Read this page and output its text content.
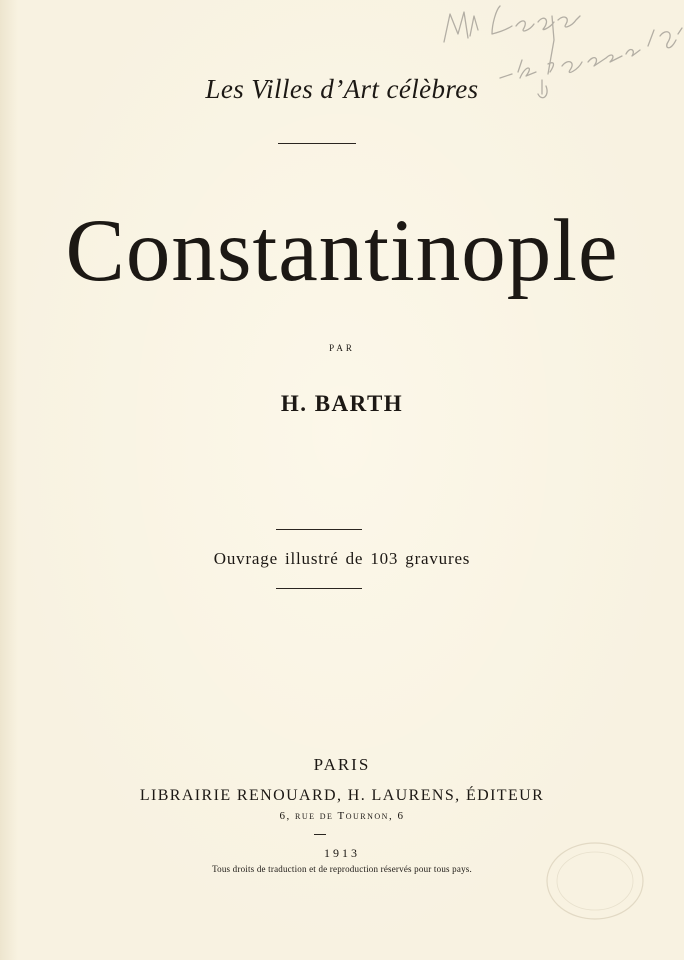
Les Villes d’Art célèbres
Constantinople
PAR
H. BARTH
Ouvrage illustré de 103 gravures
PARIS
LIBRAIRIE RENOUARD, H. LAURENS, ÉDITEUR
6, rue de Tournon, 6
1913
Tous droits de traduction et de reproduction réservés pour tous pays.
